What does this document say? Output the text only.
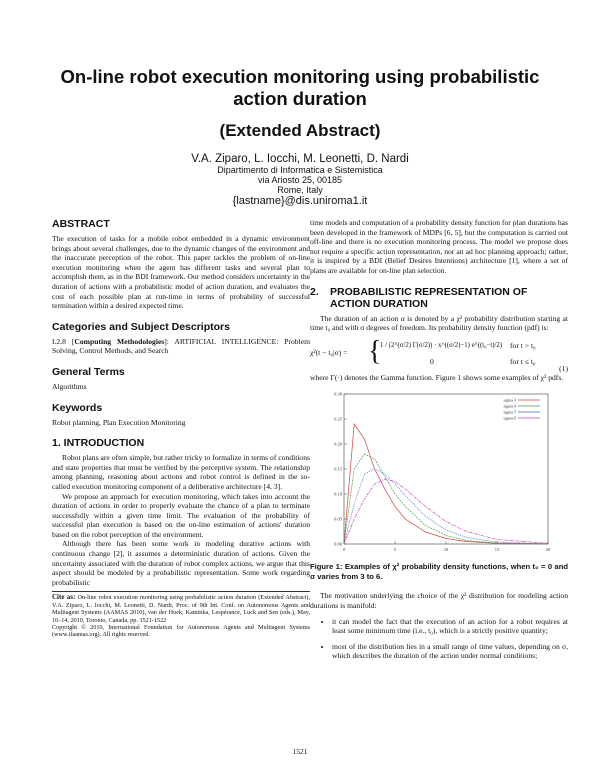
On-line robot execution monitoring using probabilistic action duration
(Extended Abstract)
V.A. Ziparo, L. Iocchi, M. Leonetti, D. Nardi
Dipartimento di Informatica e Sistemistica
via Ariosto 25, 00185
Rome, Italy
{lastname}@dis.uniroma1.it
ABSTRACT

The execution of tasks for a mobile robot embedded in a dynamic environment brings about several challenges, due to the dynamic changes of the environment and the inaccurate perception of the robot. This paper tackles the problem of on-line execution monitoring when the agent has different tasks and several plan to accomplish them, as in the BDI framework. Our method considers uncertainty in the duration of actions with a probabilistic model of action duration, and evaluates the cost of each possible plan at run-time in terms of probability of successful termination within a desired expected time.

Categories and Subject Descriptors

I.2.8 [Computing Methodologies]: ARTIFICIAL INTELLIGENCE: Problem Solving, Control Methods, and Search

General Terms

Algorithms

Keywords

Robot planning, Plan Execution Monitoring

1. INTRODUCTION

Robot plans are often simple, but rather tricky to formalize in terms of conditions and state properties that must be verified by the perceptive system. The relationship among planning, reasoning about actions and robot control is defined in the so-called execution monitoring component of a deliberative architecture [4, 3].

We propose an approach for execution monitoring, which takes into account the duration of actions in order to properly evaluate the chance of a plan to terminate successfully within a given time limit. The evaluation of the probability of successful plan execution is based on the on-line estimation of actions' duration based on the robot perception of the environment.

Although there has been some work in modeling durative actions with continuous change [2], it assumes a deterministic duration of actions. Given the uncertainty associated with the duration of robot complex actions, we argue that this aspect should be modeled by a probabilistic representation. Some work regarding probabilistic

Cite as: On-line robot execution monitoring using probabilistic action duration (Extended Abstract), V.A. Ziparo, L. Iocchi, M. Leonetti, D. Nardi, Proc. of 9th Int. Conf. on Autonomous Agents and Multiagent Systems (AAMAS 2010), van der Hoek, Kaminka, Lespérance, Luck and Sen (eds.), May, 10–14, 2010, Toronto, Canada, pp. 1521-1522
Copyright © 2010, International Foundation for Autonomous Agents and Multiagent Systems (www.ifaamas.org). All rights reserved.

time models and computation of a probability density function for plan durations has been developed in the framework of MDPs [6, 5], but the computation is carried out off-line and there is no execution monitoring process. The model we propose does not require a specific action representation, nor an ad hoc planning approach; rather, it is inspired by a BDI (Belief Desires Intentions) architecture [1], where a set of plans are available for on-line plan selection.

2.	PROBABILISTIC REPRESENTATION OF
ACTION DURATION

The duration of an action α is denoted by a χ² probability distribution starting at time t₀ and with σ degrees of freedom. Its probability density function (pdf) is:

χ²(t − t₀|σ) = {
1 / (2^(σ/2) Γ(σ/2)) · x^((σ/2)−1) e^((t₀−t)/2) for t > t₀
0	for t ≤ t₀
(1)

where Γ(·) denotes the Gamma function. Figure 1 shows some examples of χ² pdfs.

0	5	10	15	20
0.00
0.05
0.10
0.15
0.20
0.25
0.30
sigma 3
sigma 4
sigma 5
sigma 6
Figure 1: Examples of χ² probability density functions, when t₀ = 0 and σ varies from 3 to 6.

The motivation underlying the choice of the χ² distribution for modeling action durations is manifold:

• it can model the fact that the execution of an action for a robot requires at least some minimum time (i.e., t₀), which is a strictly positive quantity;
• most of the distribution lies in a small range of time values, depending on σ, which describes the duration of the action under normal conditions;
1521
